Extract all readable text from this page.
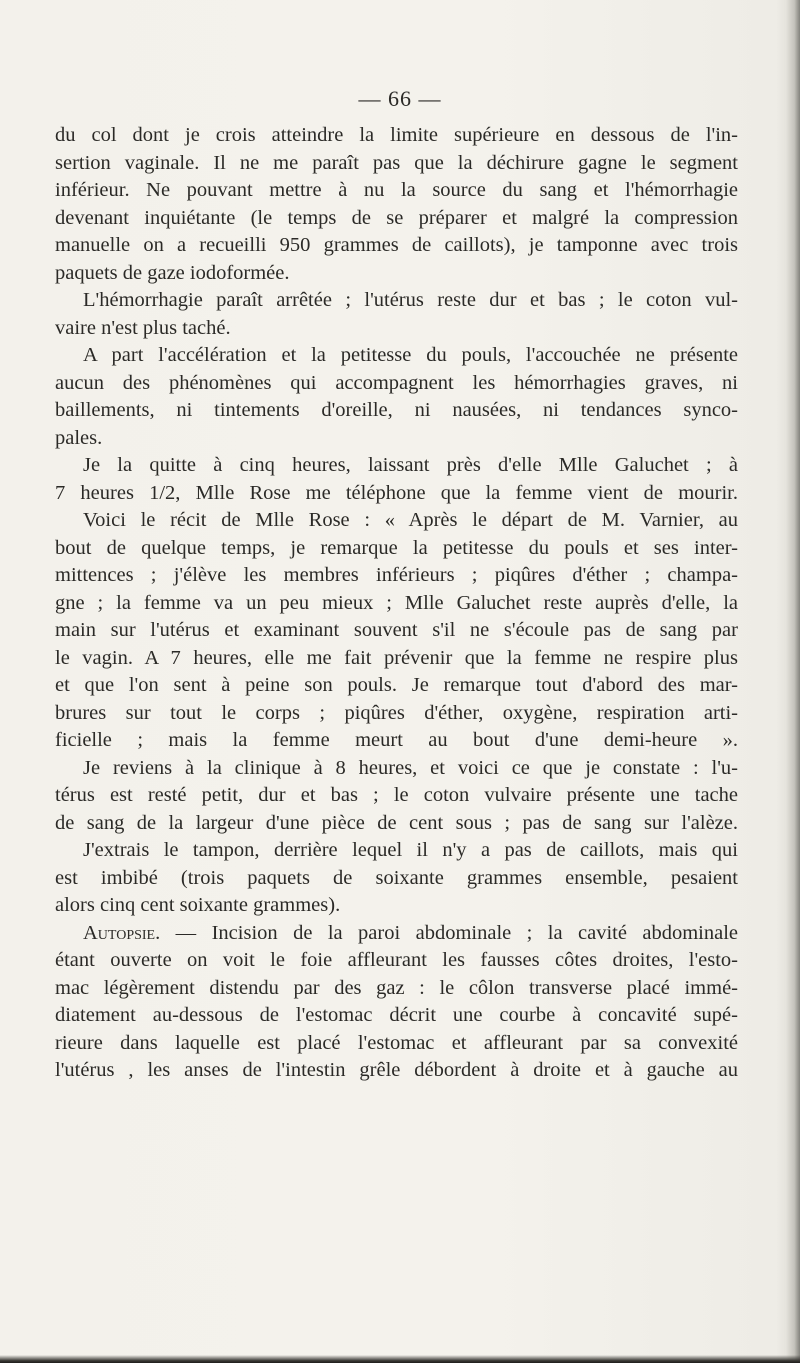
— 66 —
du col dont je crois atteindre la limite supérieure en dessous de l'in-
sertion vaginale. Il ne me paraît pas que la déchirure gagne le segment
inférieur. Ne pouvant mettre à nu la source du sang et l'hémorrhagie
devenant inquiétante (le temps de se préparer et malgré la compression
manuelle on a recueilli 950 grammes de caillots), je tamponne avec trois
paquets de gaze iodoformée.
L'hémorrhagie paraît arrêtée ; l'utérus reste dur et bas ; le coton vul-
vaire n'est plus taché.
A part l'accélération et la petitesse du pouls, l'accouchée ne présente
aucun des phénomènes qui accompagnent les hémorrhagies graves, ni
baillements, ni tintements d'oreille, ni nausées, ni tendances synco-
pales.
Je la quitte à cinq heures, laissant près d'elle Mlle Galuchet ; à
7 heures 1/2, Mlle Rose me téléphone que la femme vient de mourir.
Voici le récit de Mlle Rose : « Après le départ de M. Varnier, au
bout de quelque temps, je remarque la petitesse du pouls et ses inter-
mittences ; j'élève les membres inférieurs ; piqûres d'éther ; champa-
gne ; la femme va un peu mieux ; Mlle Galuchet reste auprès d'elle, la
main sur l'utérus et examinant souvent s'il ne s'écoule pas de sang par
le vagin. A 7 heures, elle me fait prévenir que la femme ne respire plus
et que l'on sent à peine son pouls. Je remarque tout d'abord des mar-
brures sur tout le corps ; piqûres d'éther, oxygène, respiration arti-
ficielle ; mais la femme meurt au bout d'une demi-heure ».
Je reviens à la clinique à 8 heures, et voici ce que je constate : l'u-
térus est resté petit, dur et bas ; le coton vulvaire présente une tache
de sang de la largeur d'une pièce de cent sous ; pas de sang sur l'alèze.
J'extrais le tampon, derrière lequel il n'y a pas de caillots, mais qui
est imbibé (trois paquets de soixante grammes ensemble, pesaient
alors cinq cent soixante grammes).
Autopsie. — Incision de la paroi abdominale ; la cavité abdominale
étant ouverte on voit le foie affleurant les fausses côtes droites, l'esto-
mac légèrement distendu par des gaz : le côlon transverse placé immé-
diatement au-dessous de l'estomac décrit une courbe à concavité supé-
rieure dans laquelle est placé l'estomac et affleurant par sa convexité
l'utérus , les anses de l'intestin grêle débordent à droite et à gauche au
